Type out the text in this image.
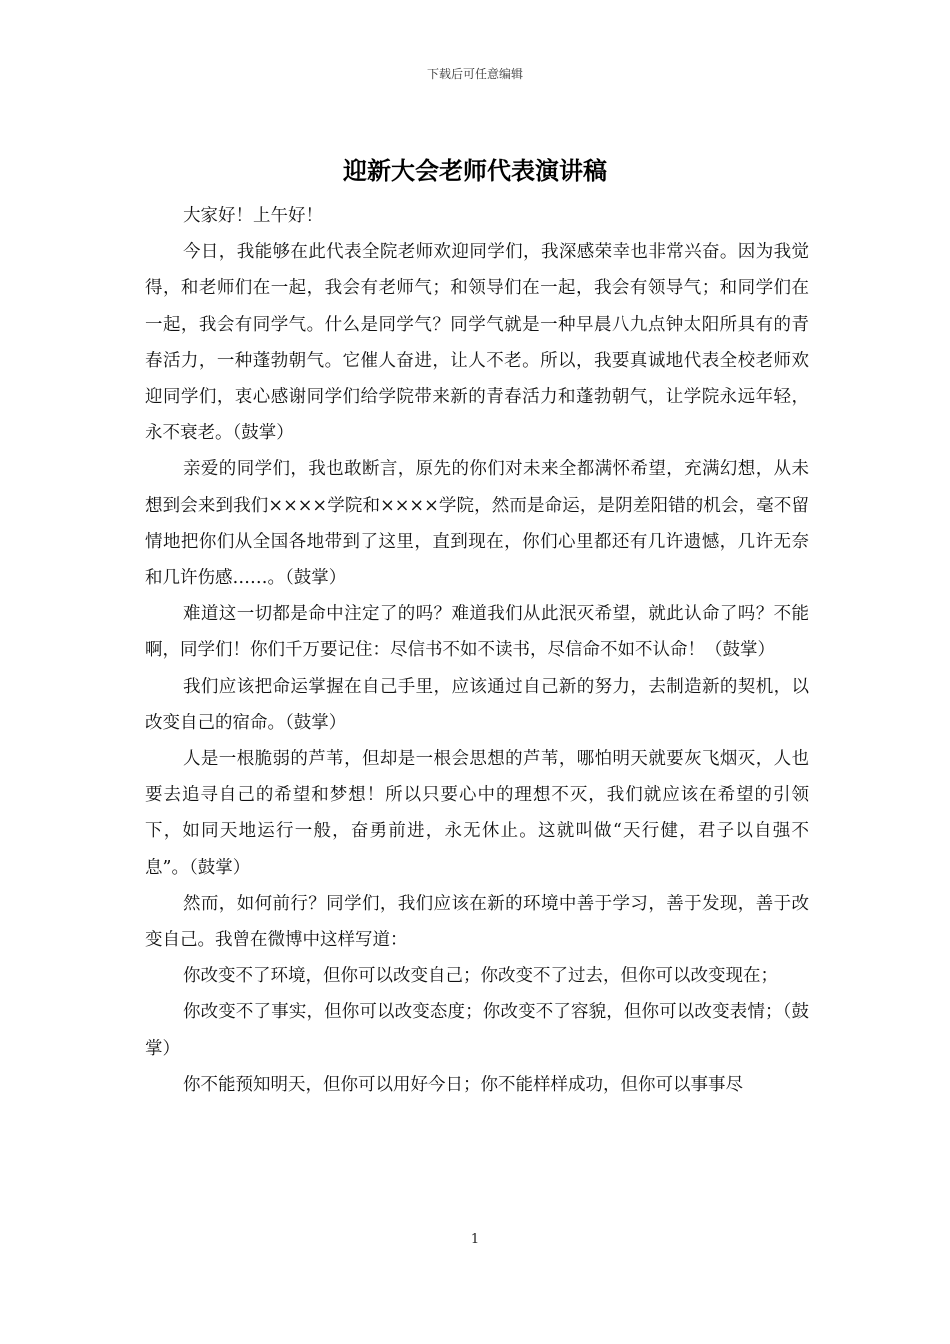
下载后可任意编辑
迎新大会老师代表演讲稿

大家好！上午好！

今日，我能够在此代表全院老师欢迎同学们，我深感荣幸也非常兴奋。因为我觉得，和老师们在一起，我会有老师气；和领导们在一起，我会有领导气；和同学们在一起，我会有同学气。什么是同学气？同学气就是一种早晨八九点钟太阳所具有的青春活力，一种蓬勃朝气。它催人奋进，让人不老。所以，我要真诚地代表全校老师欢迎同学们，衷心感谢同学们给学院带来新的青春活力和蓬勃朝气，让学院永远年轻，永不衰老。（鼓掌）

亲爱的同学们，我也敢断言，原先的你们对未来全都满怀希望，充满幻想，从未想到会来到我们××××学院和××××学院，然而是命运，是阴差阳错的机会，毫不留情地把你们从全国各地带到了这里，直到现在，你们心里都还有几许遗憾，几许无奈和几许伤感……。（鼓掌）

难道这一切都是命中注定了的吗？难道我们从此泯灭希望，就此认命了吗？不能啊，同学们！你们千万要记住：尽信书不如不读书，尽信命不如不认命！（鼓掌）

我们应该把命运掌握在自己手里，应该通过自己新的努力，去制造新的契机，以改变自己的宿命。（鼓掌）

人是一根脆弱的芦苇，但却是一根会思想的芦苇，哪怕明天就要灰飞烟灭，人也要去追寻自己的希望和梦想！所以只要心中的理想不灭，我们就应该在希望的引领下，如同天地运行一般，奋勇前进，永无休止。这就叫做“天行健，君子以自强不息”。（鼓掌）

然而，如何前行？同学们，我们应该在新的环境中善于学习，善于发现，善于改变自己。我曾在微博中这样写道：

你改变不了环境，但你可以改变自己；你改变不了过去，但你可以改变现在；

你改变不了事实，但你可以改变态度；你改变不了容貌，但你可以改变表情；（鼓掌）

你不能预知明天，但你可以用好今日；你不能样样成功，但你可以事事尽

1
